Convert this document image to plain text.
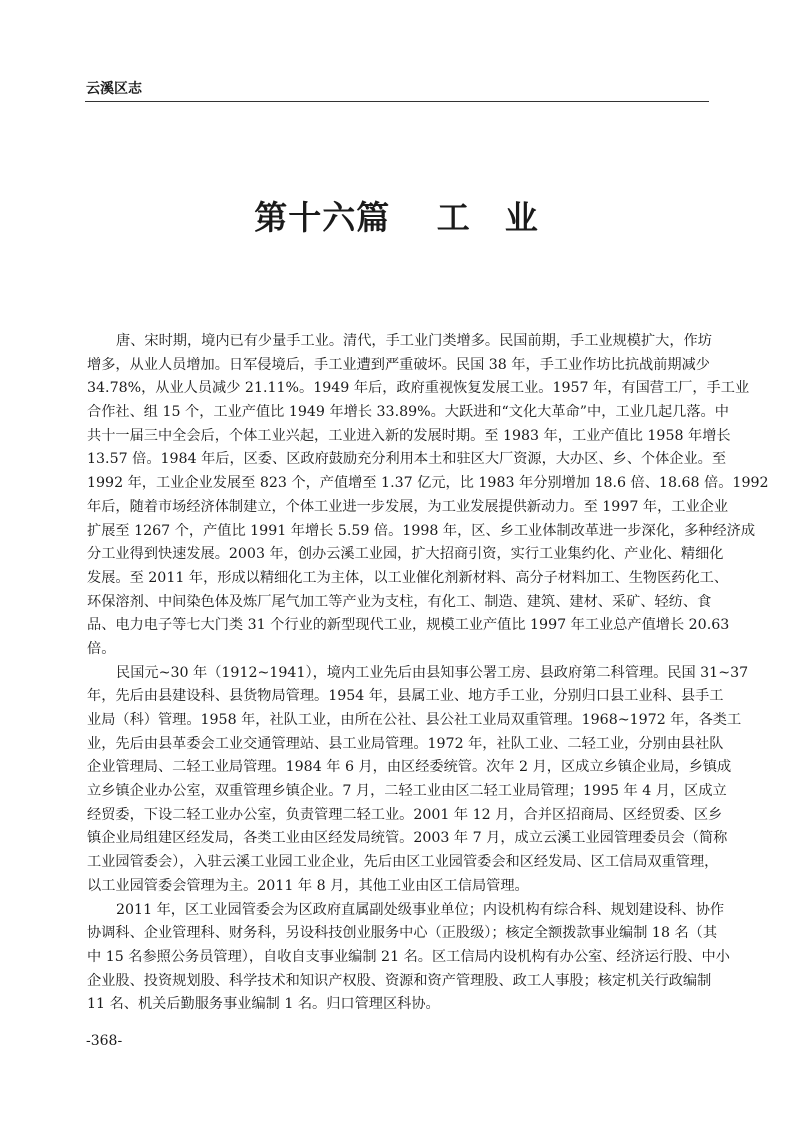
云溪区志
第十六篇　 工　业
唐、宋时期，境内已有少量手工业。清代，手工业门类增多。民国前期，手工业规模扩大，作坊
增多，从业人员增加。日军侵境后，手工业遭到严重破坏。民国 38 年，手工业作坊比抗战前期减少
34.78%，从业人员减少 21.11%。1949 年后，政府重视恢复发展工业。1957 年，有国营工厂，手工业
合作社、组 15 个，工业产值比 1949 年增长 33.89%。大跃进和“文化大革命”中，工业几起几落。中
共十一届三中全会后，个体工业兴起，工业进入新的发展时期。至 1983 年，工业产值比 1958 年增长
13.57 倍。1984 年后，区委、区政府鼓励充分利用本土和驻区大厂资源，大办区、乡、个体企业。至
1992 年，工业企业发展至 823 个，产值增至 1.37 亿元，比 1983 年分别增加 18.6 倍、18.68 倍。1992
年后，随着市场经济体制建立，个体工业进一步发展，为工业发展提供新动力。至 1997 年，工业企业
扩展至 1267 个，产值比 1991 年增长 5.59 倍。1998 年，区、乡工业体制改革进一步深化，多种经济成
分工业得到快速发展。2003 年，创办云溪工业园，扩大招商引资，实行工业集约化、产业化、精细化
发展。至 2011 年，形成以精细化工为主体，以工业催化剂新材料、高分子材料加工、生物医药化工、
环保溶剂、中间染色体及炼厂尾气加工等产业为支柱，有化工、制造、建筑、建材、采矿、轻纺、食
品、电力电子等七大门类 31 个行业的新型现代工业，规模工业产值比 1997 年工业总产值增长 20.63
倍。
民国元~30 年（1912~1941），境内工业先后由县知事公署工房、县政府第二科管理。民国 31~37
年，先后由县建设科、县货物局管理。1954 年，县属工业、地方手工业，分别归口县工业科、县手工
业局（科）管理。1958 年，社队工业，由所在公社、县公社工业局双重管理。1968~1972 年，各类工
业，先后由县革委会工业交通管理站、县工业局管理。1972 年，社队工业、二轻工业，分别由县社队
企业管理局、二轻工业局管理。1984 年 6 月，由区经委统管。次年 2 月，区成立乡镇企业局，乡镇成
立乡镇企业办公室，双重管理乡镇企业。7 月，二轻工业由区二轻工业局管理；1995 年 4 月，区成立
经贸委，下设二轻工业办公室，负责管理二轻工业。2001 年 12 月，合并区招商局、区经贸委、区乡
镇企业局组建区经发局，各类工业由区经发局统管。2003 年 7 月，成立云溪工业园管理委员会（简称
工业园管委会），入驻云溪工业园工业企业，先后由区工业园管委会和区经发局、区工信局双重管理，
以工业园管委会管理为主。2011 年 8 月，其他工业由区工信局管理。
2011 年，区工业园管委会为区政府直属副处级事业单位；内设机构有综合科、规划建设科、协作
协调科、企业管理科、财务科，另设科技创业服务中心（正股级）；核定全额拨款事业编制 18 名（其
中 15 名参照公务员管理），自收自支事业编制 21 名。区工信局内设机构有办公室、经济运行股、中小
企业股、投资规划股、科学技术和知识产权股、资源和资产管理股、政工人事股；核定机关行政编制
11 名、机关后勤服务事业编制 1 名。归口管理区科协。
-368-
